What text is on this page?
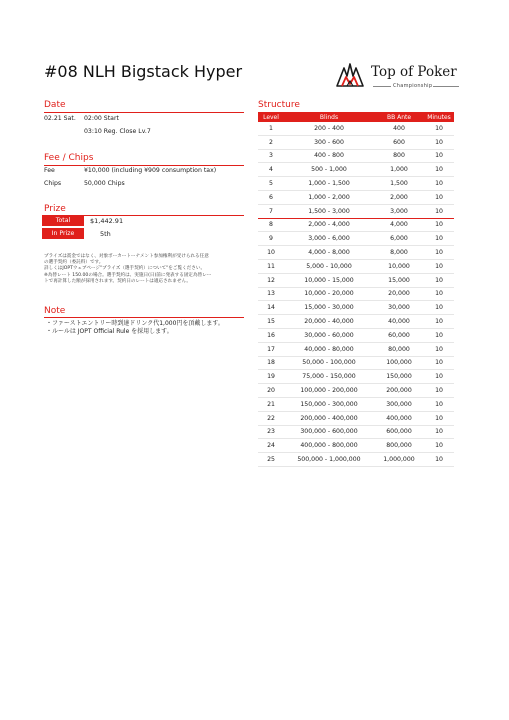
#08 NLH Bigstack Hyper	Top of Poker
Championship
Date
02.21 Sat. 02:00 Start
03:10 Reg. Close Lv.7
Fee / Chips
Fee	¥10,000 (including ¥909 consumption tax)
Chips	50,000 Chips
Prize
Total	$1,442.91
In Prize	5th
プライズは賞金ではなく、対象ポーカートーナメント参加権利が受けられる任意
の選手契約（委託料）です。
詳しくはJOPTウェブページ"プライズ（選手契約）について"をご覧ください。
※為替レート 150.00の場合。選手契約は、実施日(日)前に発表する固定為替レー
トで再計算した額が採用されます。契約日のレートは適応されません。
Note
・ファーストエントリー時到達ドリンク代1,000円を頂戴します。
・ルールは JOPT Official Rule を採用します。
Structure
Level	Blinds	BB Ante	Minutes
1	200 - 400	400	10
2	300 - 600	600	10
3	400 - 800	800	10
4	500 - 1,000	1,000	10
5	1,000 - 1,500	1,500	10
6	1,000 - 2,000	2,000	10
7	1,500 - 3,000	3,000	10
8	2,000 - 4,000	4,000	10
9	3,000 - 6,000	6,000	10
10	4,000 - 8,000	8,000	10
11	5,000 - 10,000	10,000	10
12	10,000 - 15,000	15,000	10
13	10,000 - 20,000	20,000	10
14	15,000 - 30,000	30,000	10
15	20,000 - 40,000	40,000	10
16	30,000 - 60,000	60,000	10
17	40,000 - 80,000	80,000	10
18	50,000 - 100,000	100,000	10
19	75,000 - 150,000	150,000	10
20	100,000 - 200,000	200,000	10
21	150,000 - 300,000	300,000	10
22	200,000 - 400,000	400,000	10
23	300,000 - 600,000	600,000	10
24	400,000 - 800,000	800,000	10
25	500,000 - 1,000,000	1,000,000	10
